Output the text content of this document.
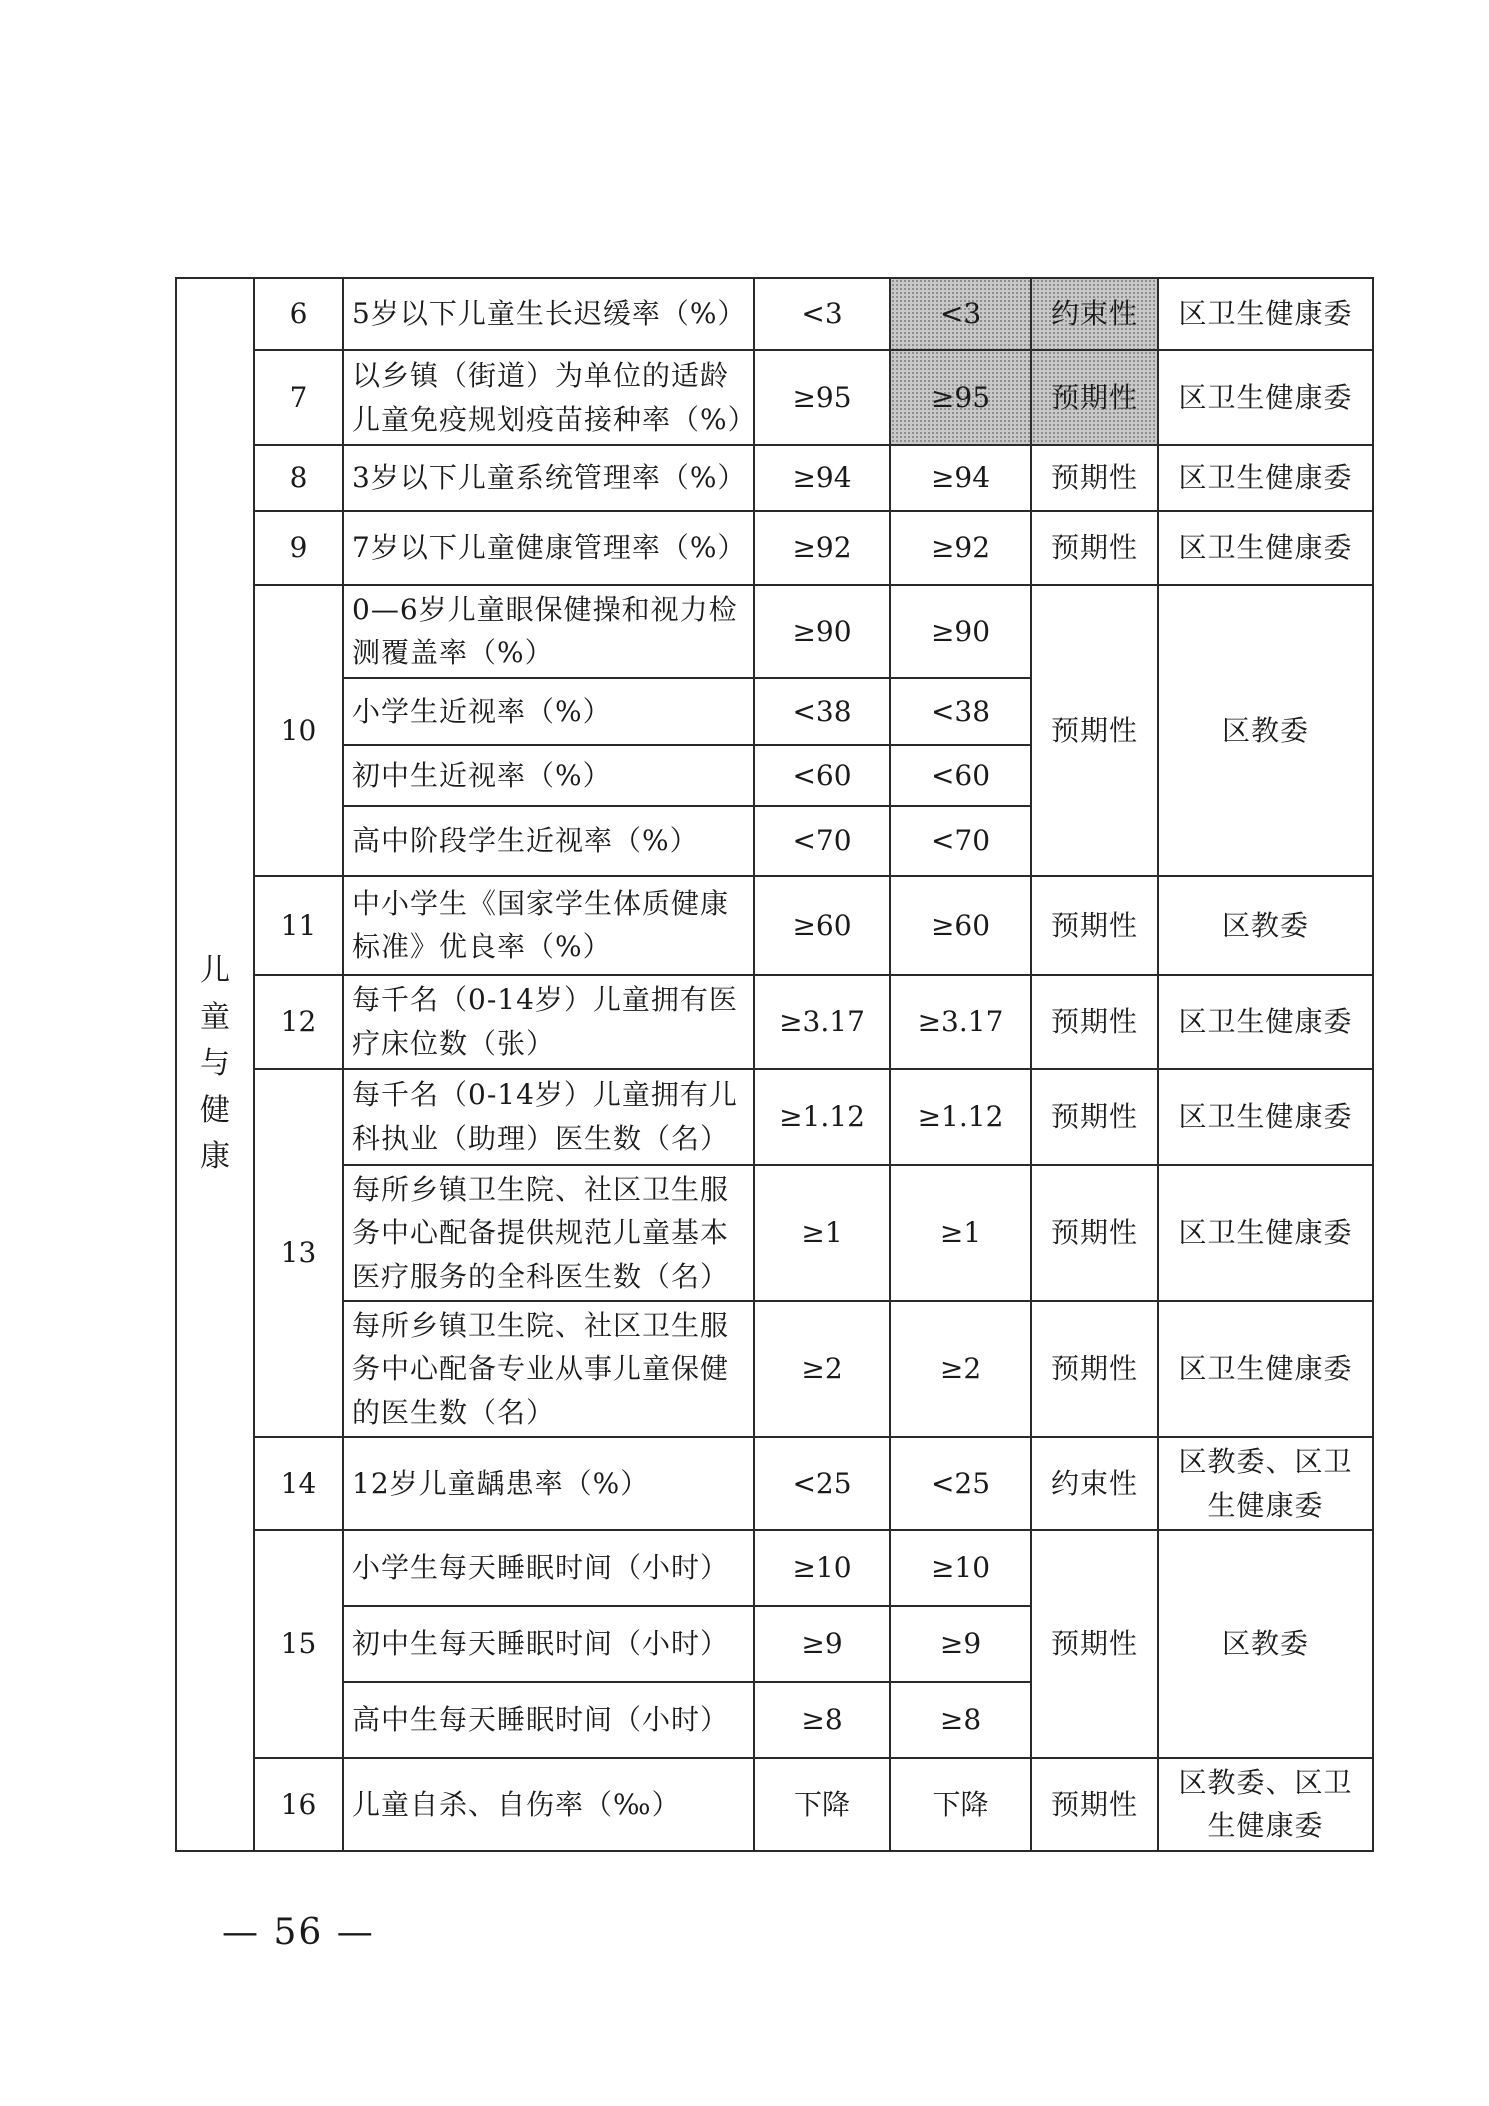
儿童与健康	6	5岁以下儿童生长迟缓率（%）	<3	<3	约束性	区卫生健康委
	7	以乡镇（街道）为单位的适龄儿童免疫规划疫苗接种率（%）	≥95	≥95	预期性	区卫生健康委
	8	3岁以下儿童系统管理率（%）	≥94	≥94	预期性	区卫生健康委
	9	7岁以下儿童健康管理率（%）	≥92	≥92	预期性	区卫生健康委
	10	0—6岁儿童眼保健操和视力检测覆盖率（%）	≥90	≥90	预期性	区教委
		小学生近视率（%）	<38	<38		
		初中生近视率（%）	<60	<60		
		高中阶段学生近视率（%）	<70	<70		
	11	中小学生《国家学生体质健康标准》优良率（%）	≥60	≥60	预期性	区教委
	12	每千名（0-14岁）儿童拥有医疗床位数（张）	≥3.17	≥3.17	预期性	区卫生健康委
	13	每千名（0-14岁）儿童拥有儿科执业（助理）医生数（名）	≥1.12	≥1.12	预期性	区卫生健康委
		每所乡镇卫生院、社区卫生服务中心配备提供规范儿童基本医疗服务的全科医生数（名）	≥1	≥1	预期性	区卫生健康委
		每所乡镇卫生院、社区卫生服务中心配备专业从事儿童保健的医生数（名）	≥2	≥2	预期性	区卫生健康委
	14	12岁儿童龋患率（%）	<25	<25	约束性	区教委、区卫生健康委
	15	小学生每天睡眠时间（小时）	≥10	≥10	预期性	区教委
		初中生每天睡眠时间（小时）	≥9	≥9		
		高中生每天睡眠时间（小时）	≥8	≥8		
	16	儿童自杀、自伤率（‰）	下降	下降	预期性	区教委、区卫生健康委
— 56 —
